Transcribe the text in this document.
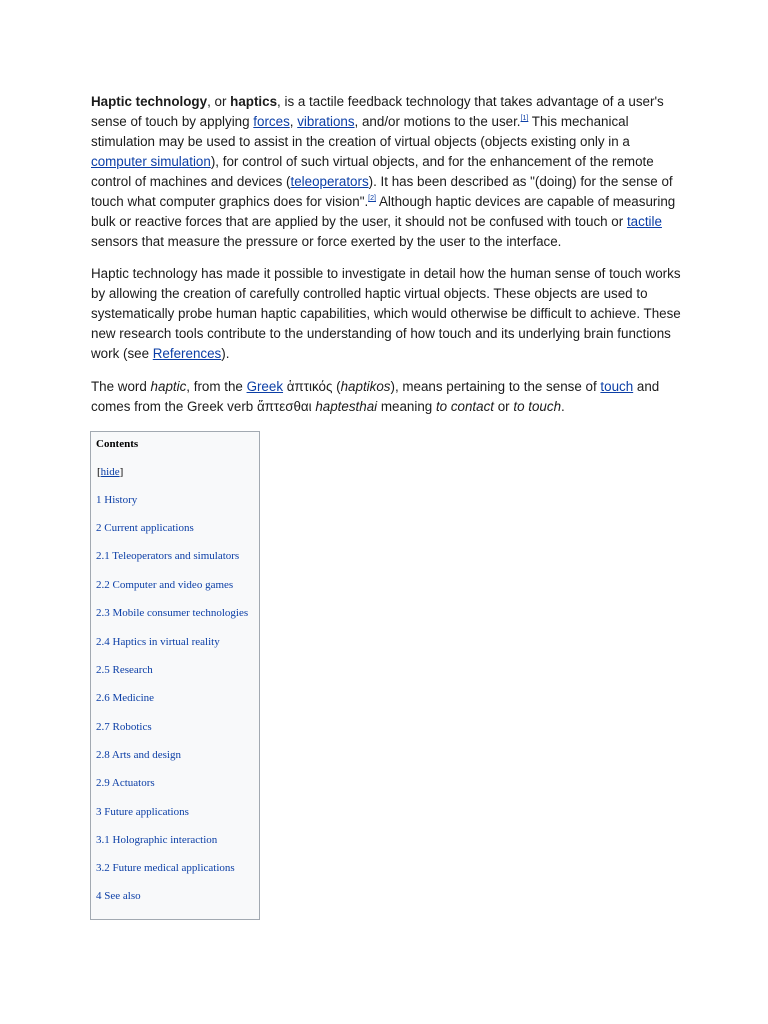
Haptic technology, or haptics, is a tactile feedback technology that takes advantage of a user's sense of touch by applying forces, vibrations, and/or motions to the user.[1] This mechanical stimulation may be used to assist in the creation of virtual objects (objects existing only in a computer simulation), for control of such virtual objects, and for the enhancement of the remote control of machines and devices (teleoperators). It has been described as "(doing) for the sense of touch what computer graphics does for vision".[2] Although haptic devices are capable of measuring bulk or reactive forces that are applied by the user, it should not be confused with touch or tactile sensors that measure the pressure or force exerted by the user to the interface.

Haptic technology has made it possible to investigate in detail how the human sense of touch works by allowing the creation of carefully controlled haptic virtual objects. These objects are used to systematically probe human haptic capabilities, which would otherwise be difficult to achieve. These new research tools contribute to the understanding of how touch and its underlying brain functions work (see References).

The word haptic, from the Greek ἁπτικός (haptikos), means pertaining to the sense of touch and comes from the Greek verb ἅπτεσθαι haptesthai meaning to contact or to touch.

Contents
[hide]
1 History
2 Current applications
2.1 Teleoperators and simulators
2.2 Computer and video games
2.3 Mobile consumer technologies
2.4 Haptics in virtual reality
2.5 Research
2.6 Medicine
2.7 Robotics
2.8 Arts and design
2.9 Actuators
3 Future applications
3.1 Holographic interaction
3.2 Future medical applications
4 See also
